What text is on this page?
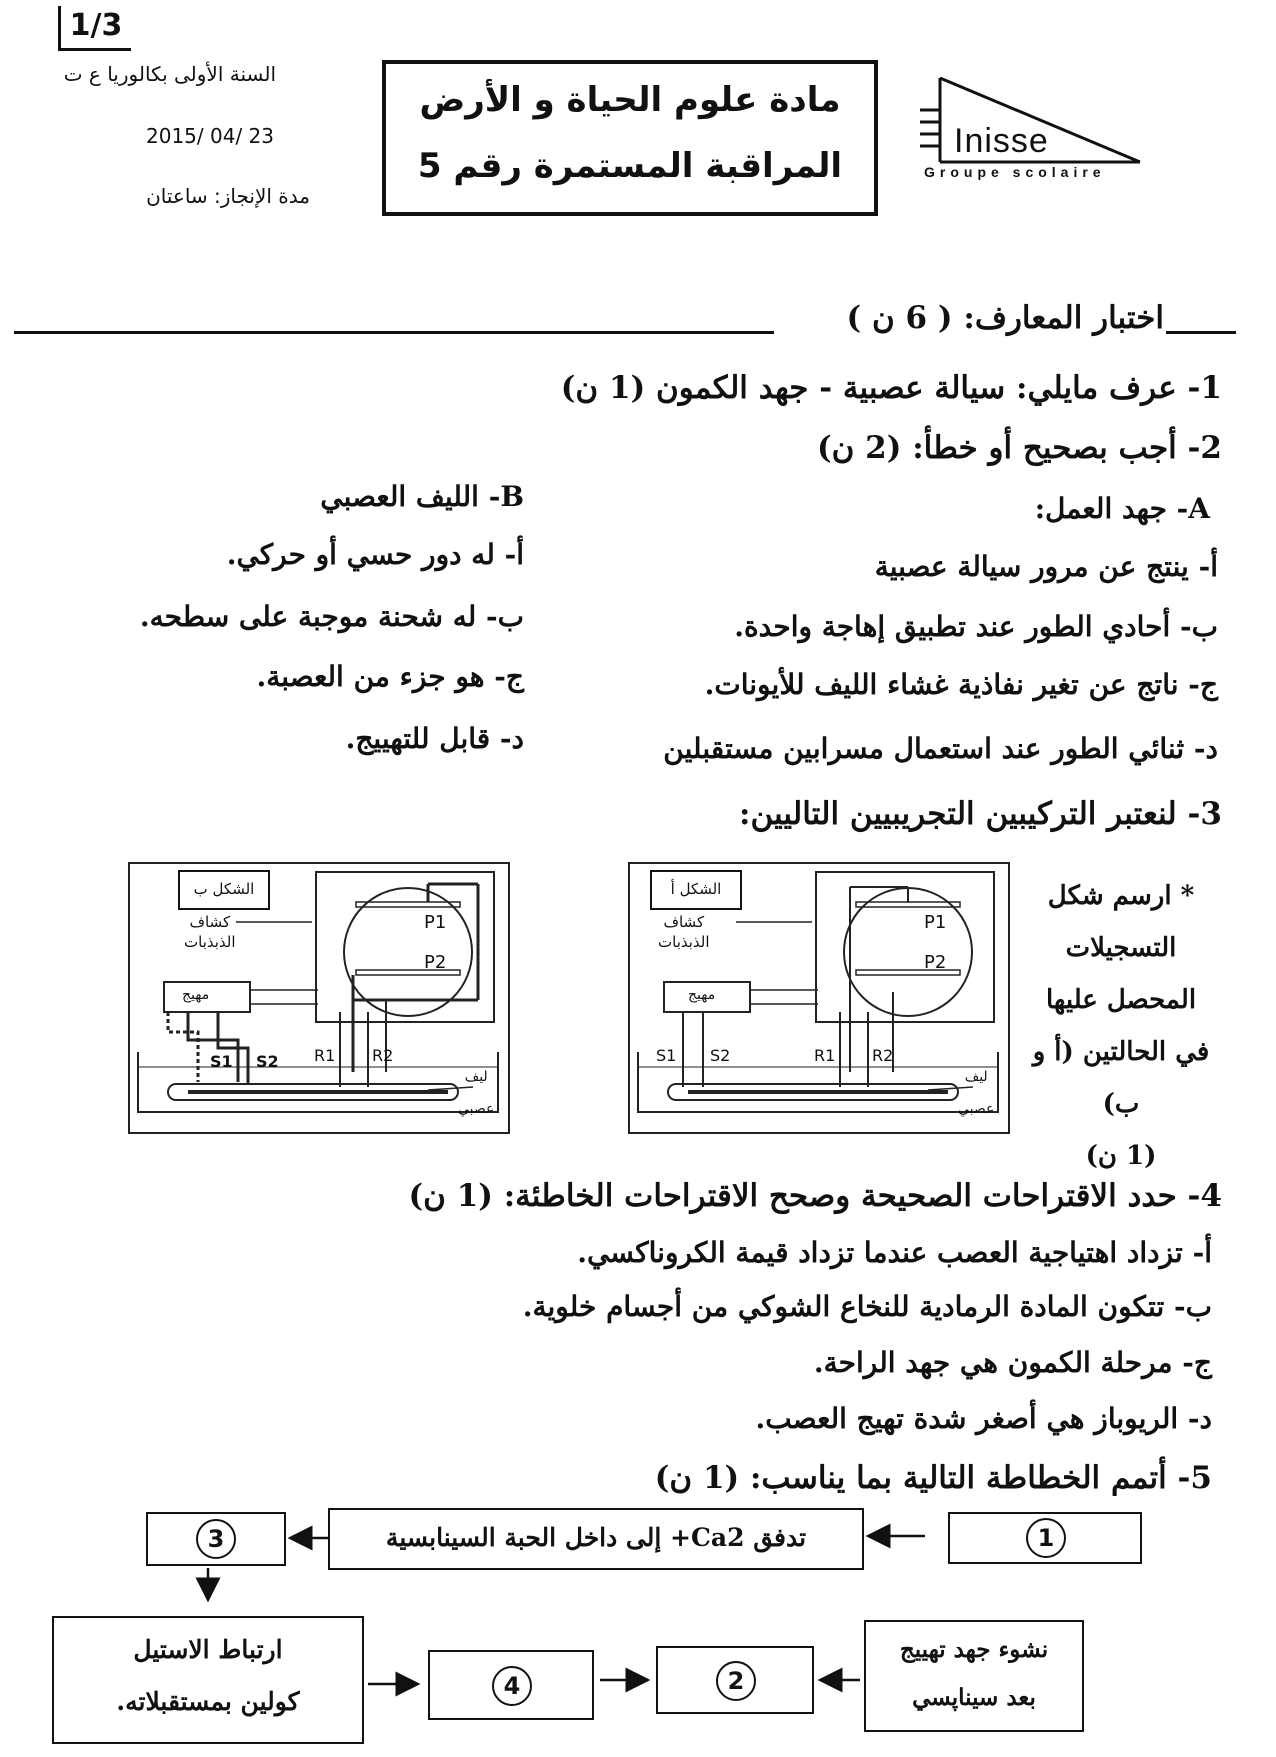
1/3
السنة الأولى بكالوريا ع ت
2015/ 04/ 23
مدة الإنجاز: ساعتان
مادة علوم الحياة و الأرض
المراقبة المستمرة رقم 5
Inisse
Groupe scolaire
اختبار المعارف: ( 6 ن )
1- عرف مايلي: سيالة عصبية - جهد الكمون (1 ن)
2- أجب بصحيح أو خطأ: (2 ن)
A- جهد العمل:
أ- ينتج عن مرور سيالة عصبية
ب- أحادي الطور عند تطبيق إهاجة واحدة.
ج- ناتج عن تغير نفاذية غشاء الليف للأيونات.
د- ثنائي الطور عند استعمال مسرابين مستقبلين
B- الليف العصبي
أ- له دور حسي أو حركي.
ب- له شحنة موجبة على سطحه.
ج- هو جزء من العصبة.
د- قابل للتهييج.
3- لنعتبر التركيبين التجريبيين التاليين:
* ارسم شكل
التسجيلات
المحصل عليها
في الحالتين (أ و ب)
(1 ن)
الشكل أ
كشاف
الذبذبات
مهيج
P1
P2
S1 S2	R1 R2
ليف
عصبي
الشكل ب
كشاف
الذبذبات
مهيج
P1
P2
S1 S2 R1 R2
ليف
عصبي
4- حدد الاقتراحات الصحيحة وصحح الاقتراحات الخاطئة: (1 ن)
أ- تزداد اهتياجية العصب عندما تزداد قيمة الكروناكسي.
ب- تتكون المادة الرمادية للنخاع الشوكي من أجسام خلوية.
ج- مرحلة الكمون هي جهد الراحة.
د- الريوباز هي أصغر شدة تهيج العصب.
5- أتمم الخطاطة التالية بما يناسب: (1 ن)
1
تدفق Ca2+ إلى داخل الحبة السينابسية
3
ارتباط الاستيل
كولين بمستقبلاته.
4	2
نشوء جهد تهييج
بعد سيناپسي
